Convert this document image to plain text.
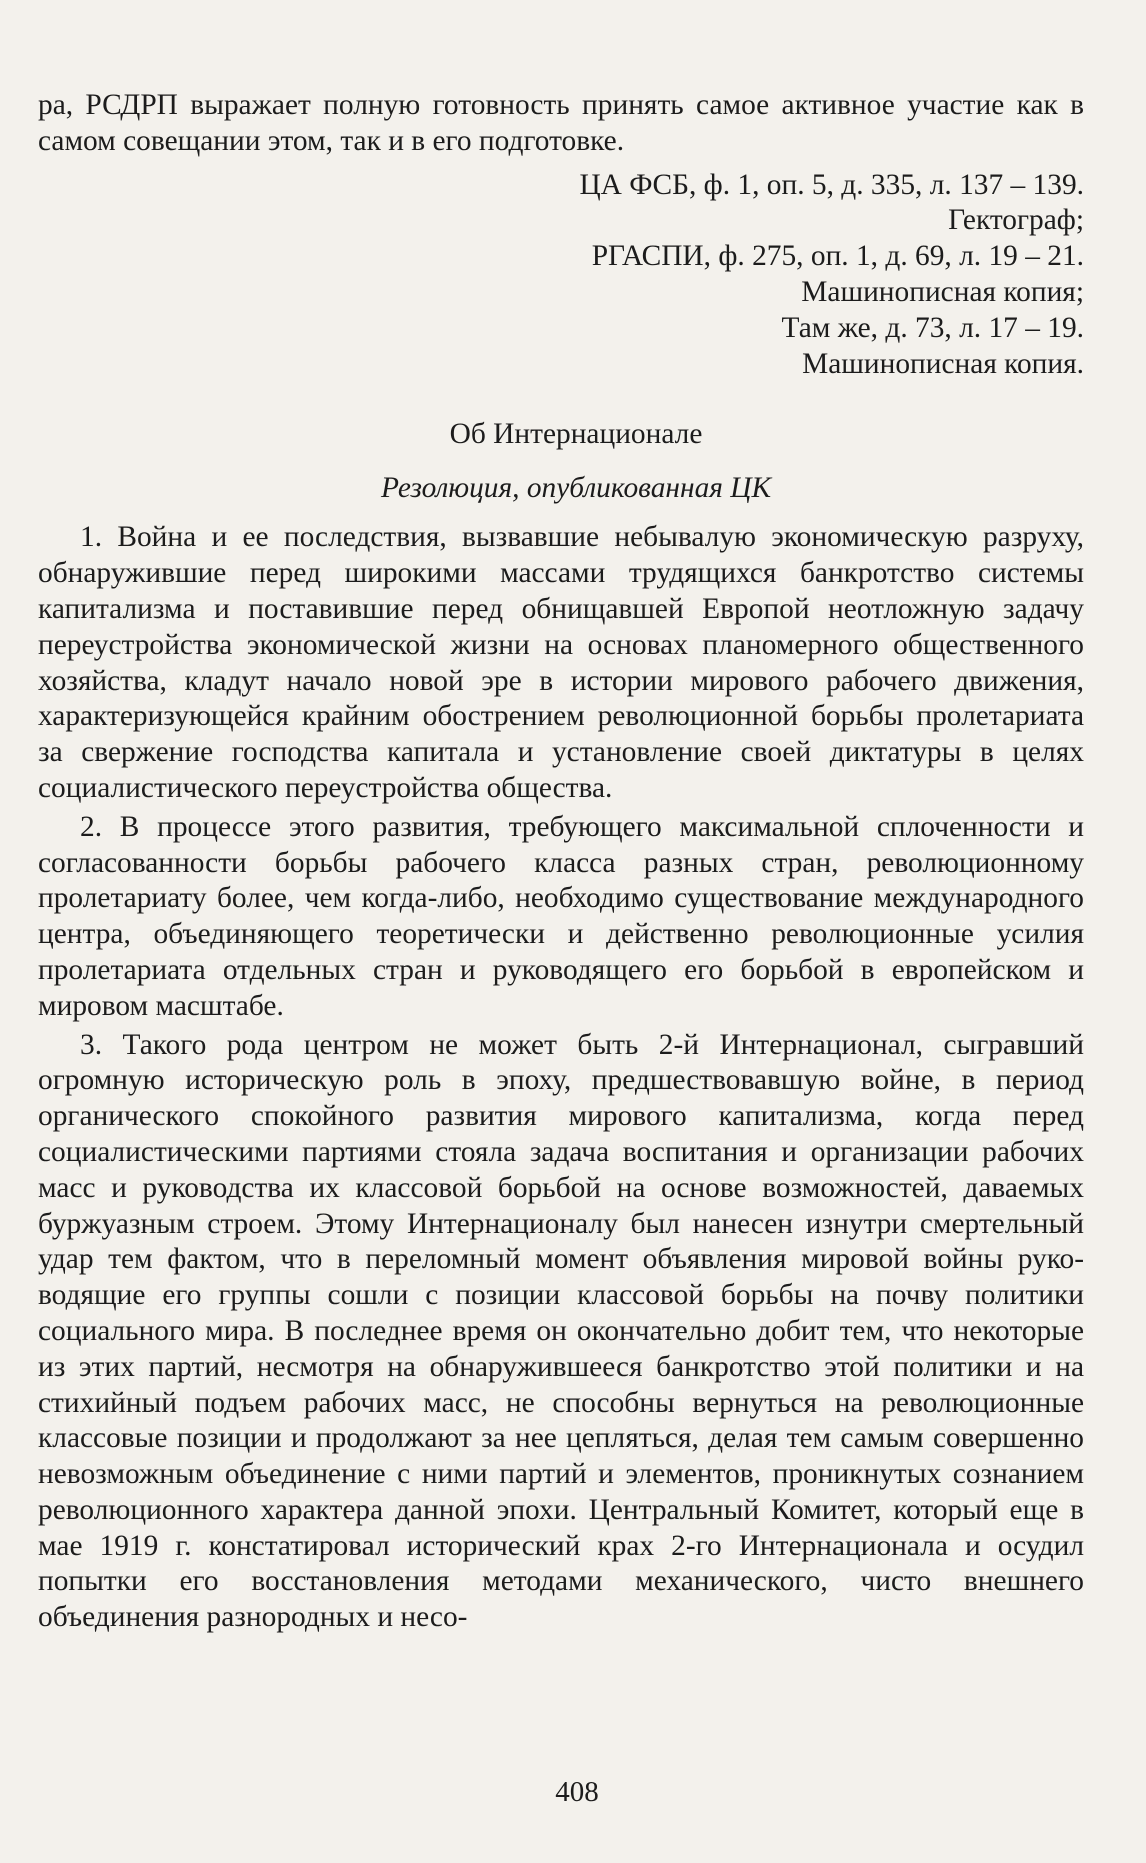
ра, РСДРП выражает полную готовность принять самое активное участие как в самом совещании этом, так и в его подготовке.

ЦА ФСБ, ф. 1, оп. 5, д. 335, л. 137 – 139.
Гектограф;
РГАСПИ, ф. 275, оп. 1, д. 69, л. 19 – 21.
Машинописная копия;
Там же, д. 73, л. 17 – 19.
Машинописная копия.
Об Интернационале
Резолюция, опубликованная ЦК

1. Война и ее последствия, вызвавшие небывалую экономическую разруху, обнаружившие перед широкими массами трудящихся банкротство системы капитализма и поставившие перед обнищавшей Европой неотложную задачу переустройства экономической жизни на основах планомерного общественного хозяйства, кладут начало новой эре в истории мирового рабочего движения, характеризующейся крайним обострением революционной борьбы пролетариата за свержение господства капитала и установление своей диктатуры в целях социалистического переустройства общества.

2. В процессе этого развития, требующего максимальной сплоченности и согласованности борьбы рабочего класса разных стран, революционному пролетариату более, чем когда-либо, необходимо существование международного центра, объединяющего теоретически и действенно революционные усилия пролетариата отдельных стран и руководящего его борьбой в европейском и мировом масштабе.

3. Такого рода центром не может быть 2-й Интернационал, сыгравший огромную историческую роль в эпоху, предшествовавшую войне, в период органического спокойного развития мирового капитализма, когда перед социалистическими партиями стояла задача воспитания и организации рабочих масс и руководства их классовой борьбой на основе возможностей, даваемых буржуазным строем. Этому Интернационалу был нанесен изнутри смертельный удар тем фактом, что в переломный момент объявления мировой войны руководящие его группы сошли с позиции классовой борьбы на почву политики социального мира. В последнее время он окончательно добит тем, что некоторые из этих партий, несмотря на обнаружившееся банкротство этой политики и на стихийный подъем рабочих масс, не способны вернуться на революционные классовые позиции и продолжают за нее цепляться, делая тем самым совершенно невозможным объединение с ними партий и элементов, проникнутых сознанием революционного характера данной эпохи. Центральный Комитет, который еще в мае 1919 г. констатировал исторический крах 2-го Интернационала и осудил попытки его восстановления методами механического, чисто внешнего объединения разнородных и несо-

408
